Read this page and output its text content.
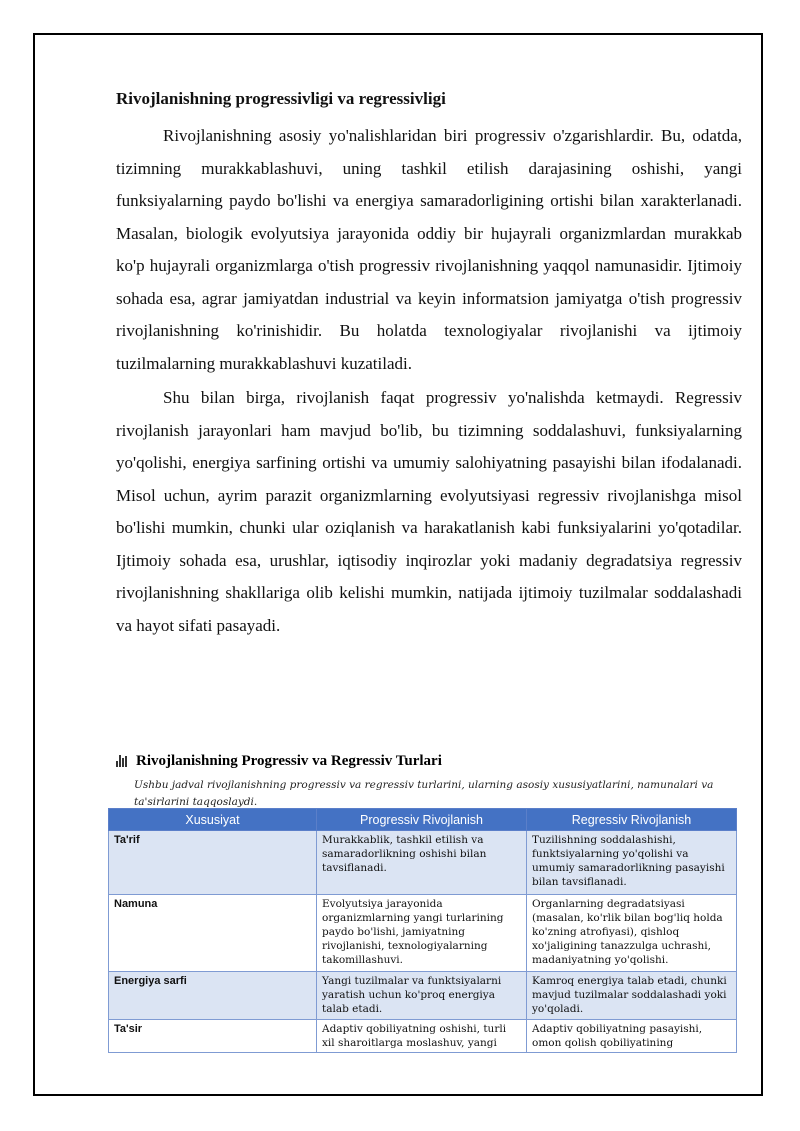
Rivojlanishning progressivligi va regressivligi

Rivojlanishning asosiy yo'nalishlaridan biri progressiv o'zgarishlardir. Bu, odatda, tizimning murakkablashuvi, uning tashkil etilish darajasining oshishi, yangi funksiyalarning paydo bo'lishi va energiya samaradorligining ortishi bilan xarakterlanadi. Masalan, biologik evolyutsiya jarayonida oddiy bir hujayrali organizmlardan murakkab ko'p hujayrali organizmlarga o'tish progressiv rivojlanishning yaqqol namunasidir. Ijtimoiy sohada esa, agrar jamiyatdan industrial va keyin informatsion jamiyatga o'tish progressiv rivojlanishning ko'rinishidir. Bu holatda texnologiyalar rivojlanishi va ijtimoiy tuzilmalarning murakkablashuvi kuzatiladi.

Shu bilan birga, rivojlanish faqat progressiv yo'nalishda ketmaydi. Regressiv rivojlanish jarayonlari ham mavjud bo'lib, bu tizimning soddalashuvi, funksiyalarning yo'qolishi, energiya sarfining ortishi va umumiy salohiyatning pasayishi bilan ifodalanadi. Misol uchun, ayrim parazit organizmlarning evolyutsiyasi regressiv rivojlanishga misol bo'lishi mumkin, chunki ular oziqlanish va harakatlanish kabi funksiyalarini yo'qotadilar. Ijtimoiy sohada esa, urushlar, iqtisodiy inqirozlar yoki madaniy degradatsiya regressiv rivojlanishning shakllariga olib kelishi mumkin, natijada ijtimoiy tuzilmalar soddalashadi va hayot sifati pasayadi.

Rivojlanishning Progressiv va Regressiv Turlari
Ushbu jadval rivojlanishning progressiv va regressiv turlarini, ularning asosiy xususiyatlarini, namunalari va ta'sirlarini taqqoslaydi.
Xususiyat	Progressiv Rivojlanish	Regressiv Rivojlanish
Ta'rif	Murakkablik, tashkil etilish va samaradorlikning oshishi bilan tavsiflanadi.	Tuzilishning soddalashishi, funktsiyalarning yo'qolishi va umumiy samaradorlikning pasayishi bilan tavsiflanadi.
Namuna	Evolyutsiya jarayonida organizmlarning yangi turlarining paydo bo'lishi, jamiyatning rivojlanishi, texnologiyalarning takomillashuvi.	Organlarning degradatsiyasi (masalan, ko'rlik bilan bog'liq holda ko'zning atrofiyasi), qishloq xo'jaligining tanazzulga uchrashi, madaniyatning yo'qolishi.
Energiya sarfi	Yangi tuzilmalar va funktsiyalarni yaratish uchun ko'proq energiya talab etadi.	Kamroq energiya talab etadi, chunki mavjud tuzilmalar soddalashadi yoki yo'qoladi.
Ta'sir	Adaptiv qobiliyatning oshishi, turli xil sharoitlarga moslashuv, yangi	Adaptiv qobiliyatning pasayishi, omon qolish qobiliyatining
